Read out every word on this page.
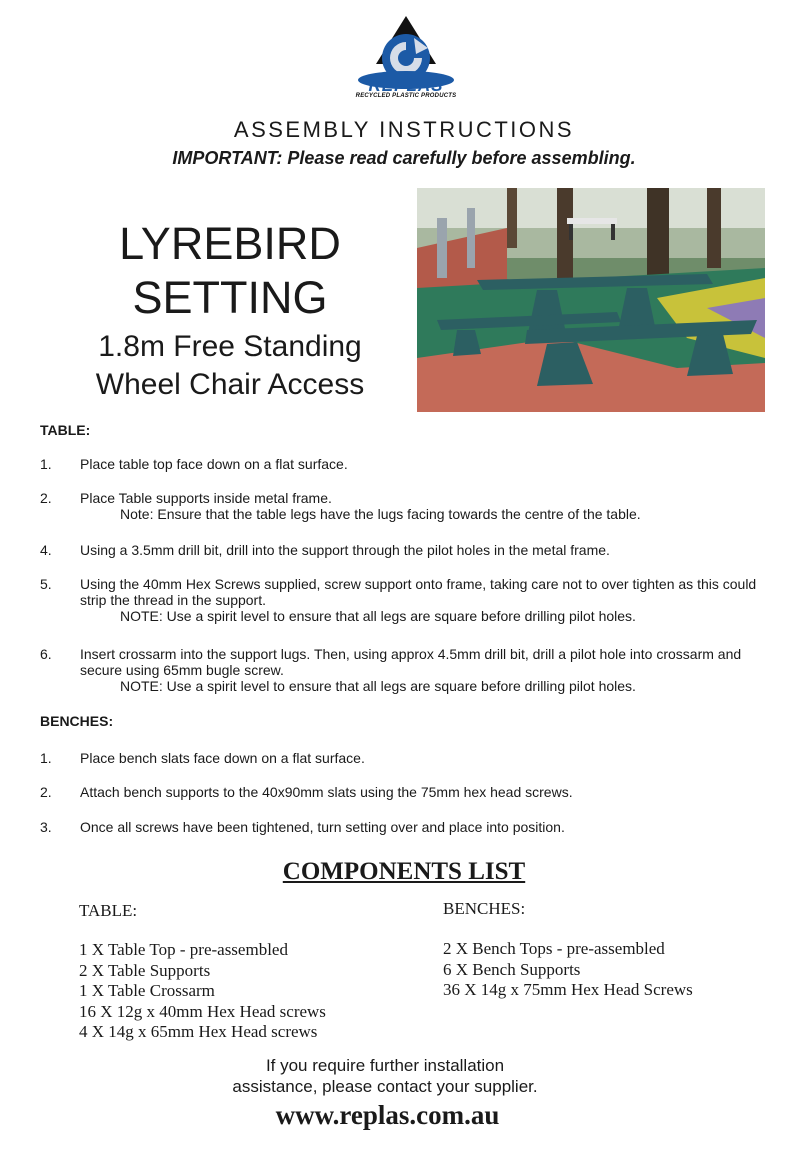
REPLAS
RECYCLED PLASTIC PRODUCTS
ASSEMBLY INSTRUCTIONS
IMPORTANT: Please read carefully before assembling.
LYREBIRD
SETTING
1.8m Free Standing
Wheel Chair Access
TABLE:
1.	Place table top face down on a flat surface.
2.	Place Table supports inside metal frame.
Note: Ensure that the table legs have the lugs facing towards the centre of the table.
4.	Using a 3.5mm drill bit, drill into the support through the pilot holes in the metal frame.
5.	Using the 40mm Hex Screws supplied, screw support onto frame, taking care not to over tighten as this could strip the thread in the support.
NOTE: Use a spirit level to ensure that all legs are square before drilling pilot holes.
6.	Insert crossarm into the support lugs. Then, using approx 4.5mm drill bit, drill a pilot hole into crossarm and secure using 65mm bugle screw.
NOTE: Use a spirit level to ensure that all legs are square before drilling pilot holes.
BENCHES:
1.	Place bench slats face down on a flat surface.
2.	Attach bench supports to the 40x90mm slats using the 75mm hex head screws.
3.	Once all screws have been tightened, turn setting over and place into position.
COMPONENTS LIST
TABLE:
1 X Table Top - pre-assembled
2 X Table Supports
1 X Table Crossarm
16 X 12g x 40mm Hex Head screws
4 X 14g x 65mm Hex Head screws
BENCHES:
2 X Bench Tops - pre-assembled
6 X Bench Supports
36 X 14g x 75mm Hex Head Screws
If you require further installation
assistance, please contact your supplier.
www.replas.com.au
